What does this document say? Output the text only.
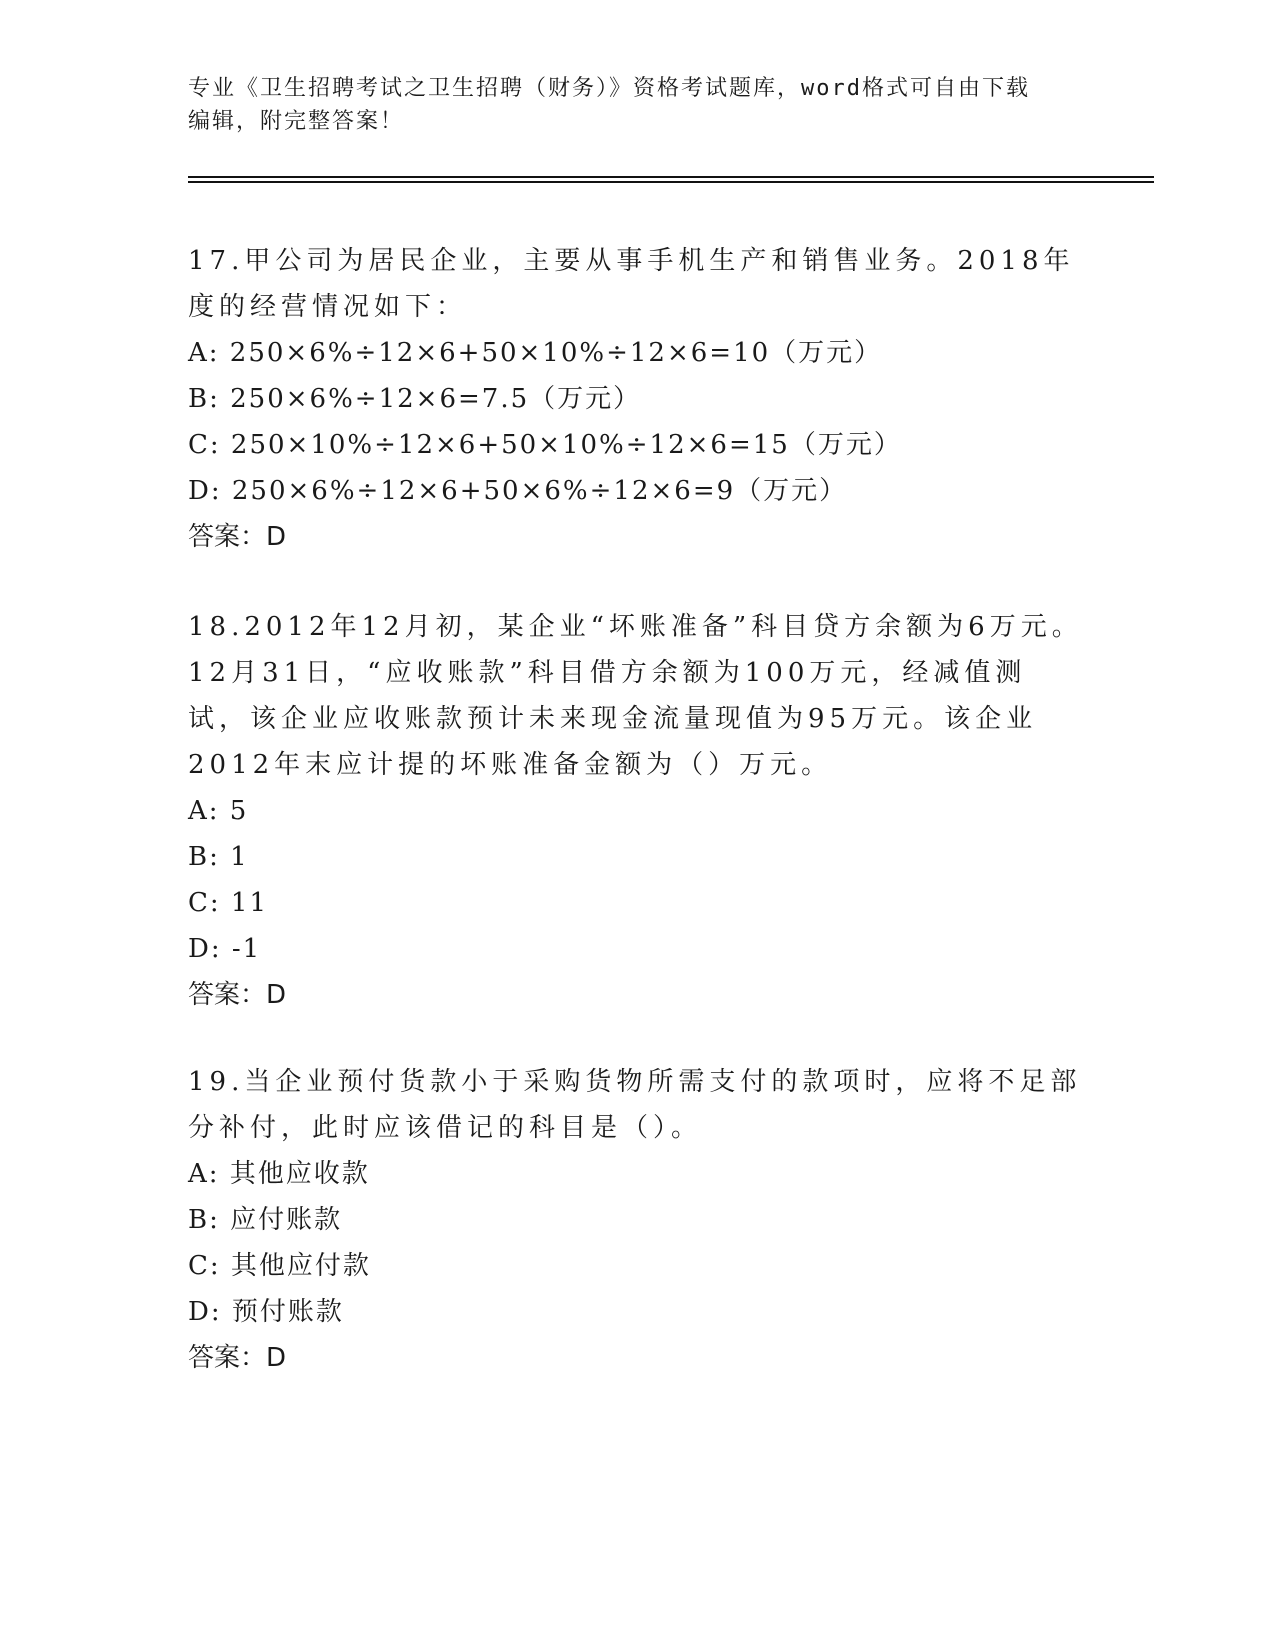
专业《卫生招聘考试之卫生招聘（财务）》资格考试题库，word格式可自由下载
编辑，附完整答案！

17.甲公司为居民企业，主要从事手机生产和销售业务。2018年度的经营情况如下：

A: 250×6%÷12×6+50×10%÷12×6=10（万元）

B: 250×6%÷12×6=7.5（万元）

C: 250×10%÷12×6+50×10%÷12×6=15（万元）

D: 250×6%÷12×6+50×6%÷12×6=9（万元）

答案：D

18.2012年12月初，某企业“坏账准备”科目贷方余额为6万元。12月31日，“应收账款”科目借方余额为100万元，经减值测试，该企业应收账款预计未来现金流量现值为95万元。该企业2012年末应计提的坏账准备金额为（）万元。

A: 5

B: 1

C: 11

D: -1

答案：D

19.当企业预付货款小于采购货物所需支付的款项时，应将不足部分补付，此时应该借记的科目是（）。

A: 其他应收款

B: 应付账款

C: 其他应付款

D: 预付账款

答案：D
